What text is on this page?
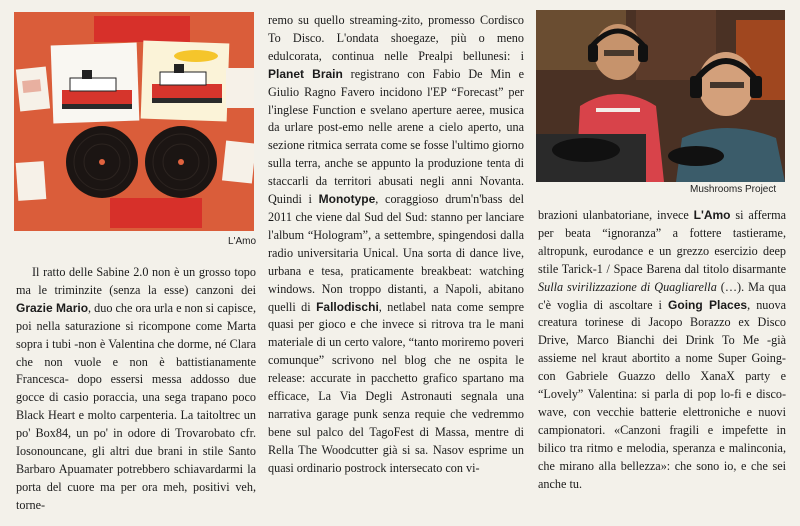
L'Amo
Mushrooms Project

Il ratto delle Sabine 2.0 non è un grosso topo ma le triminzite (senza la esse) canzoni dei Grazie Mario, duo che ora urla e non si capisce, poi nella saturazione si ricompone come Marta sopra i tubi -non è Valentina che dorme, né Clara che non vuole e non è battistianamente Francesca- dopo essersi messa addosso due gocce di casio poraccia, una sega trapano poco Black Heart e molto carpenteria. La taitoltrec un po' Box84, un po' in odore di Trovarobato cfr. Iosonouncane, gli altri due brani in stile Santo Barbaro Apuamater potrebbero schiavardarmi la porta del cuore ma per ora meh, positivi veh, torne-

remo su quello streaming-zito, promesso Cordisco To Disco. L'ondata shoegaze, più o meno edulcorata, continua nelle Prealpi bellunesi: i Planet Brain registrano con Fabio De Min e Giulio Ragno Favero incidono l'EP “Forecast” per l'inglese Function e svelano aperture aeree, musica da urlare post-emo nelle arene a cielo aperto, una sezione ritmica serrata come se fosse l'ultimo giorno sulla terra, anche se appunto la produzione tenta di staccarli da territori abusati negli anni Novanta. Quindi i Monotype, coraggioso drum'n'bass del 2011 che viene dal Sud del Sud: stanno per lanciare l'album “Hologram”, a settembre, spingendosi dalla radio universitaria Unical. Una sorta di dance live, urbana e tesa, praticamente breakbeat: watching windows. Non troppo distanti, a Napoli, abitano quelli di Fallodischi, netlabel nata come sempre quasi per gioco e che invece si ritrova tra le mani materiale di un certo valore, “tanto moriremo poveri comunque” scrivono nel blog che ne ospita le release: accurate in pacchetto grafico spartano ma efficace, La Via Degli Astronauti segnala una narrativa garage punk senza requie che vedremmo bene sul palco del TagoFest di Massa, mentre di Rella The Woodcutter già si sa. Nasov esprime un quasi ordinario postrock intersecato con vi-

brazioni ulanbatoriane, invece L'Amo si afferma per beata “ignoranza” a fottere tastierame, altropunk, eurodance e un grezzo esercizio deep stile Tarick-1 / Space Barena dal titolo disarmante Sulla svirilizzazione di Quagliarella (…). Ma qua c'è voglia di ascoltare i Going Places, nuova creatura torinese di Jacopo Borazzo ex Disco Drive, Marco Bianchi dei Drink To Me -già assieme nel kraut abortito a nome Super Going- con Gabriele Guazzo dello XanaX party e “Lovely” Valentina: si parla di pop lo-fi e disco-wave, con vecchie batterie elettroniche e nuovi campionatori. «Canzoni fragili e impefette in bilico tra ritmo e melodia, speranza e malinconia, che mirano alla bellezza»: che sono io, e che sei anche tu.
